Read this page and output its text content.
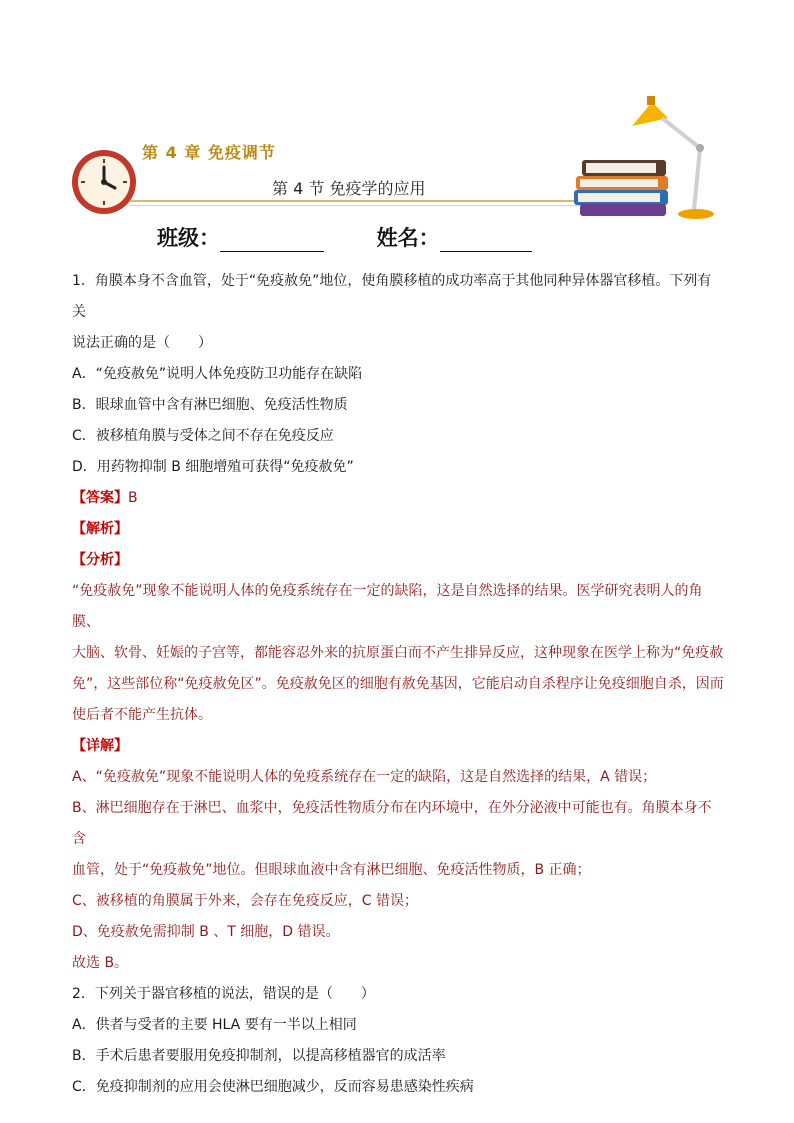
第 4 章 免疫调节
第 4 节 免疫学的应用
班级：	姓名：

1．角膜本身不含血管，处于“免疫赦免”地位，使角膜移植的成功率高于其他同种异体器官移植。下列有关

说法正确的是（　　）

A．“免疫赦免”说明人体免疫防卫功能存在缺陷

B．眼球血管中含有淋巴细胞、免疫活性物质

C．被移植角膜与受体之间不存在免疫反应

D．用药物抑制 B 细胞增殖可获得“免疫赦免”

【答案】B

【解析】

【分析】

“免疫赦免”现象不能说明人体的免疫系统存在一定的缺陷，这是自然选择的结果。医学研究表明人的角膜、

大脑、软骨、妊娠的子宫等，都能容忍外来的抗原蛋白而不产生排异反应，这种现象在医学上称为“免疫赦

免”，这些部位称“免疫赦免区”。免疫赦免区的细胞有赦免基因，它能启动自杀程序让免疫细胞自杀，因而

使后者不能产生抗体。

【详解】

A、“免疫赦免”现象不能说明人体的免疫系统存在一定的缺陷，这是自然选择的结果，A 错误；

B、淋巴细胞存在于淋巴、血浆中，免疫活性物质分布在内环境中，在外分泌液中可能也有。角膜本身不含

血管，处于“免疫赦免”地位。但眼球血液中含有淋巴细胞、免疫活性物质，B 正确；

C、被移植的角膜属于外来，会存在免疫反应，C 错误；

D、免疫赦免需抑制 B 、T 细胞，D 错误。

故选 B。

2．下列关于器官移植的说法，错误的是（　　）

A．供者与受者的主要 HLA 要有一半以上相同

B．手术后患者要服用免疫抑制剂，以提高移植器官的成活率

C．免疫抑制剂的应用会使淋巴细胞减少，反而容易患感染性疾病
